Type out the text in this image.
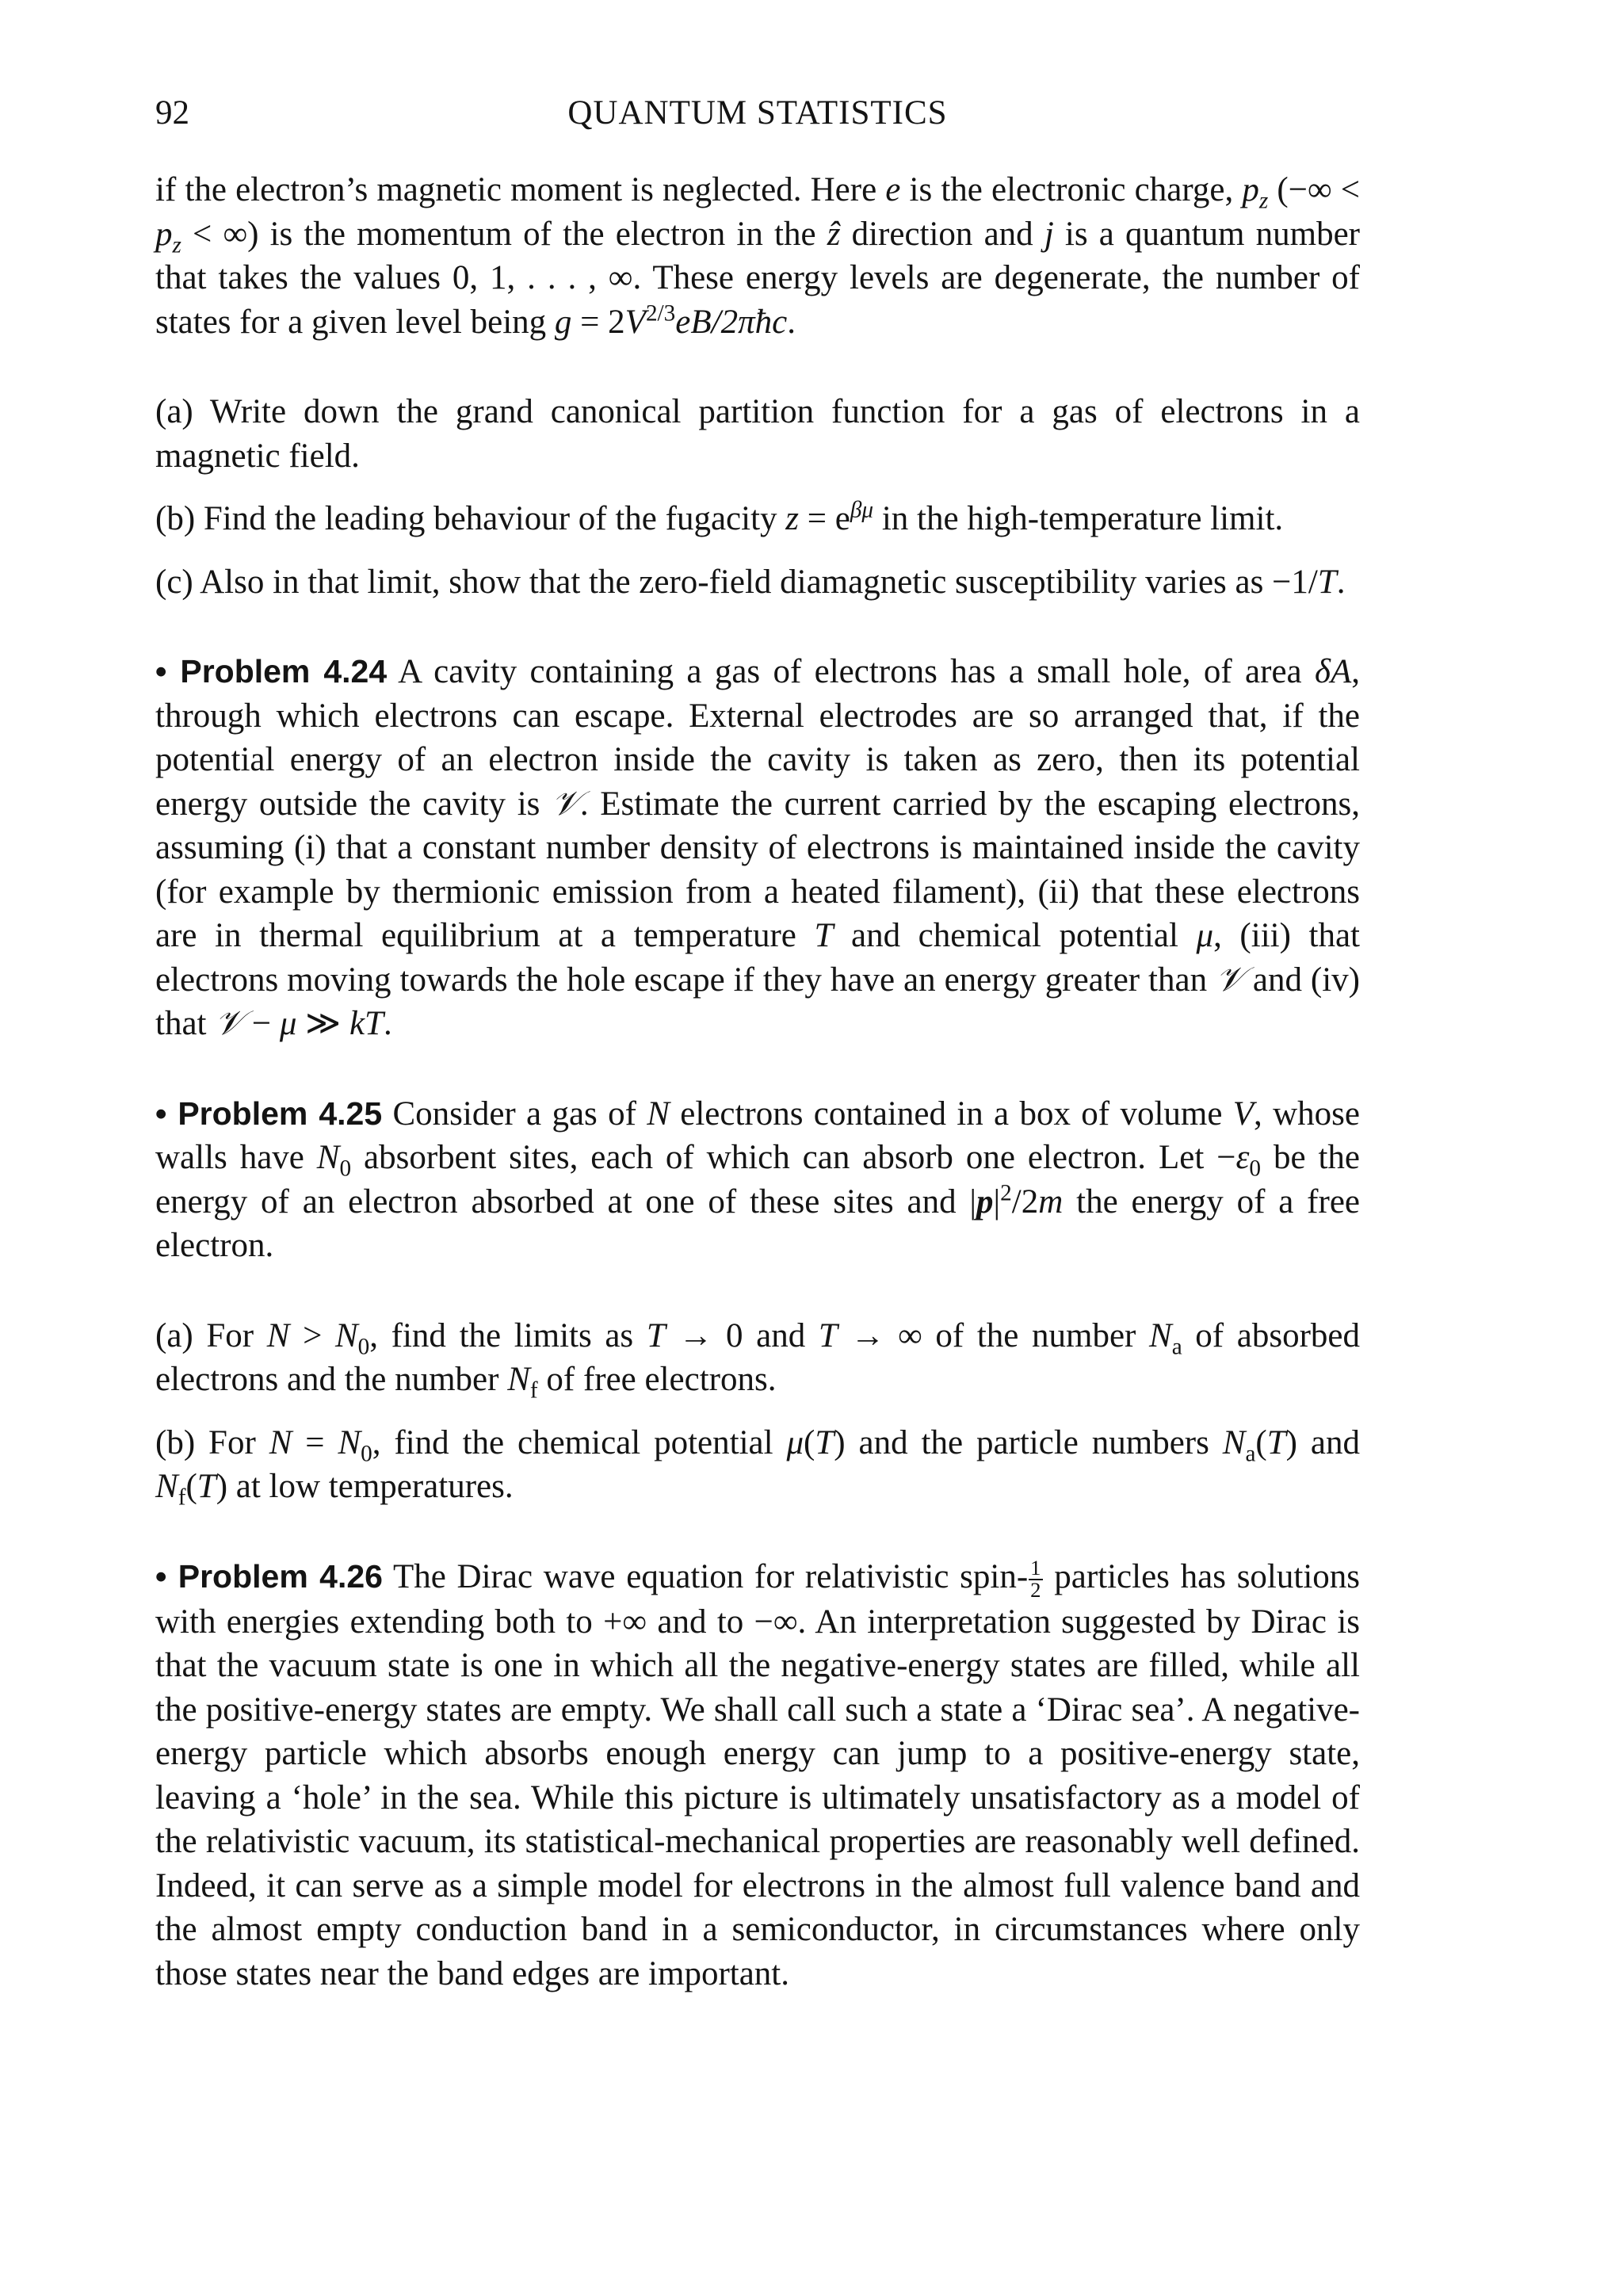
92	QUANTUM STATISTICS

if the electron’s magnetic moment is neglected. Here e is the electronic charge, $p_z$ (−∞ < $p_z$ < ∞) is the momentum of the electron in the ẑ direction and j is a quantum number that takes the values 0, 1, . . . , ∞. These energy levels are degenerate, the number of states for a given level being $g = 2V^{2/3}eB/2\pi ħc$.

(a) Write down the grand canonical partition function for a gas of electrons in a magnetic field.

(b) Find the leading behaviour of the fugacity $z = e^{\beta\mu}$ in the high-temperature limit.

(c) Also in that limit, show that the zero-field diamagnetic susceptibility varies as −1/T.

• Problem 4.24 A cavity containing a gas of electrons has a small hole, of area δA, through which electrons can escape. External electrodes are so arranged that, if the potential energy of an electron inside the cavity is taken as zero, then its potential energy outside the cavity is 𝒱. Estimate the current carried by the escaping electrons, assuming (i) that a constant number density of electrons is maintained inside the cavity (for example by thermionic emission from a heated filament), (ii) that these electrons are in thermal equilibrium at a temperature T and chemical potential μ, (iii) that electrons moving towards the hole escape if they have an energy greater than 𝒱 and (iv) that 𝒱 − μ ≫ kT.

• Problem 4.25 Consider a gas of N electrons contained in a box of volume V, whose walls have $N_0$ absorbent sites, each of which can absorb one electron. Let $-\varepsilon_0$ be the energy of an electron absorbed at one of these sites and $|p|^2/2m$ the energy of a free electron.

(a) For $N > N_0$, find the limits as T → 0 and T → ∞ of the number $N_a$ of absorbed electrons and the number $N_f$ of free electrons.

(b) For $N = N_0$, find the chemical potential μ(T) and the particle numbers $N_a(T)$ and $N_f(T)$ at low temperatures.

• Problem 4.26 The Dirac wave equation for relativistic spin- $\frac{1}{2}$ particles has solutions with energies extending both to +∞ and to −∞. An interpretation suggested by Dirac is that the vacuum state is one in which all the negative-energy states are filled, while all the positive-energy states are empty. We shall call such a state a ‘Dirac sea’. A negative-energy particle which absorbs enough energy can jump to a positive-energy state, leaving a ‘hole’ in the sea. While this picture is ultimately unsatisfactory as a model of the relativistic vacuum, its statistical-mechanical properties are reasonably well defined. Indeed, it can serve as a simple model for electrons in the almost full valence band and the almost empty conduction band in a semiconductor, in circumstances where only those states near the band edges are important.
